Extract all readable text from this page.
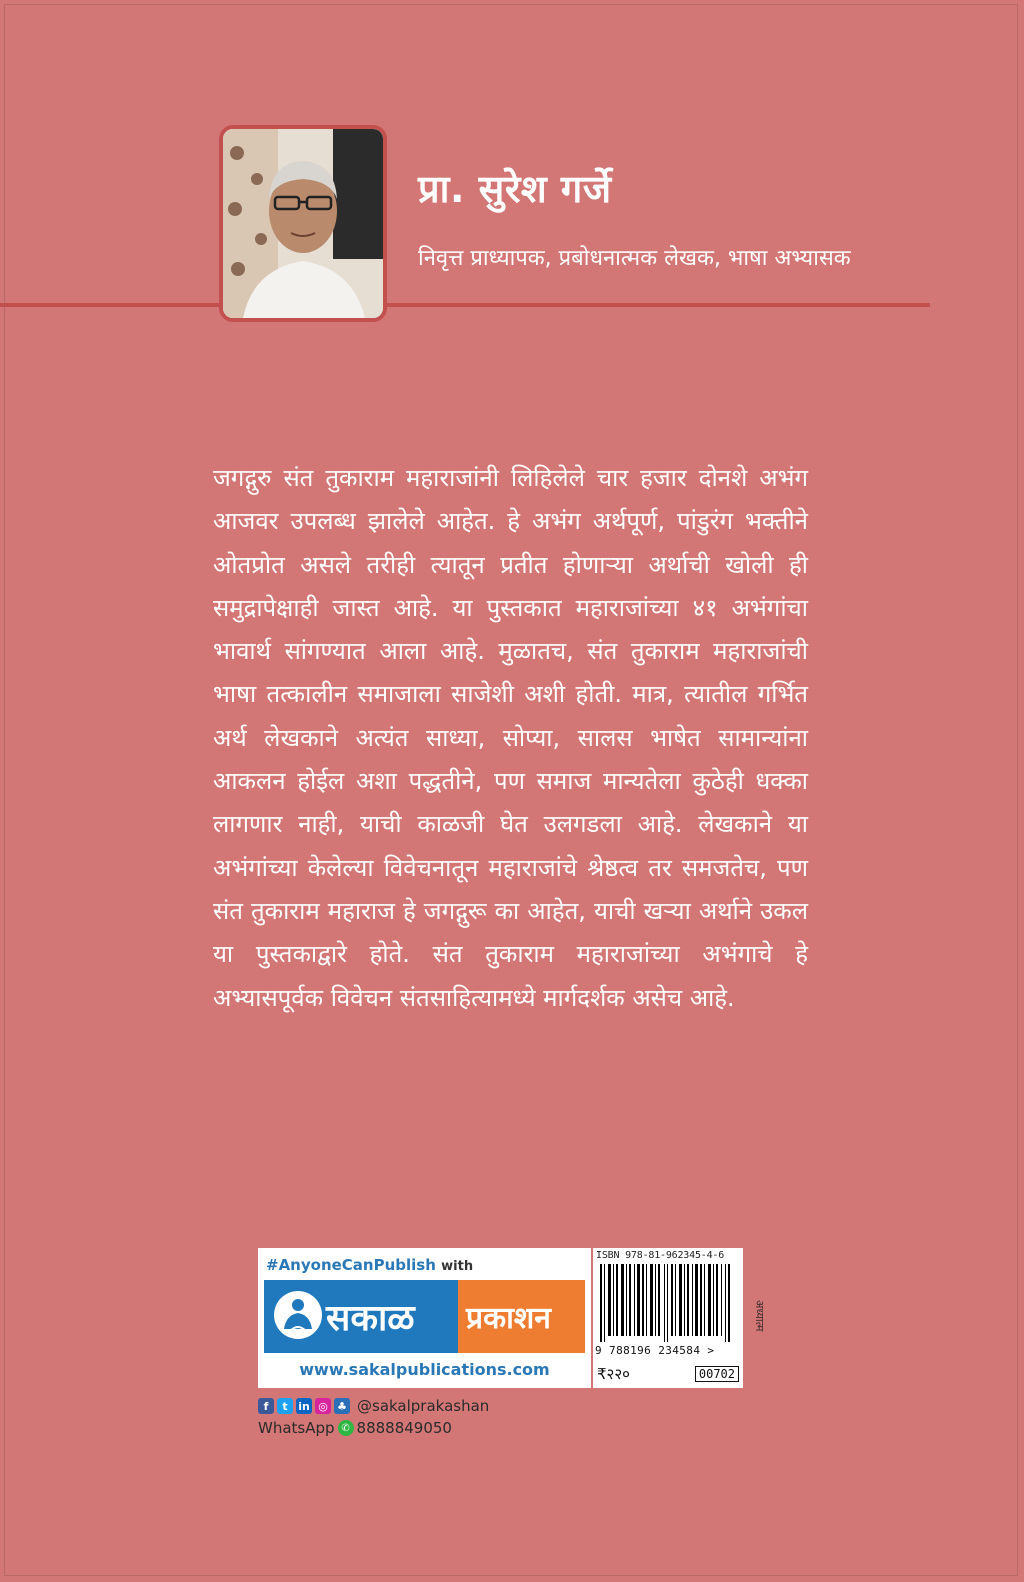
प्रा. सुरेश गर्जे

निवृत्त प्राध्यापक, प्रबोधनात्मक लेखक, भाषा अभ्यासक

जगद्गुरु संत तुकाराम महाराजांनी लिहिलेले चार हजार दोनशे अभंग आजवर उपलब्ध झालेले आहेत. हे अभंग अर्थपूर्ण, पांडुरंग भक्तीने ओतप्रोत असले तरीही त्यातून प्रतीत होणाऱ्या अर्थाची खोली ही समुद्रापेक्षाही जास्त आहे. या पुस्तकात महाराजांच्या ४१ अभंगांचा भावार्थ सांगण्यात आला आहे. मुळातच, संत तुकाराम महाराजांची भाषा तत्कालीन समाजाला साजेशी अशी होती. मात्र, त्यातील गर्भित अर्थ लेखकाने अत्यंत साध्या, सोप्या, सालस भाषेत सामान्यांना आकलन होईल अशा पद्धतीने, पण समाज मान्यतेला कुठेही धक्का लागणार नाही, याची काळजी घेत उलगडला आहे. लेखकाने या अभंगांच्या केलेल्या विवेचनातून महाराजांचे श्रेष्ठत्व तर समजतेच, पण संत तुकाराम महाराज हे जगद्गुरू का आहेत, याची खऱ्या अर्थाने उकल या पुस्तकाद्वारे होते. संत तुकाराम महाराजांच्या अभंगाचे हे अभ्यासपूर्वक विवेचन संतसाहित्यामध्ये मार्गदर्शक असेच आहे.

#AnyoneCanPublish with
सकाळ प्रकाशन
www.sakalpublications.com
ISBN 978-81-962345-4-6
9 788196 234584 >
₹२२०	00702
अध्यात्म
f	t in ◎ ♣ @sakalprakashan
WhatsApp ✆ 8888849050
